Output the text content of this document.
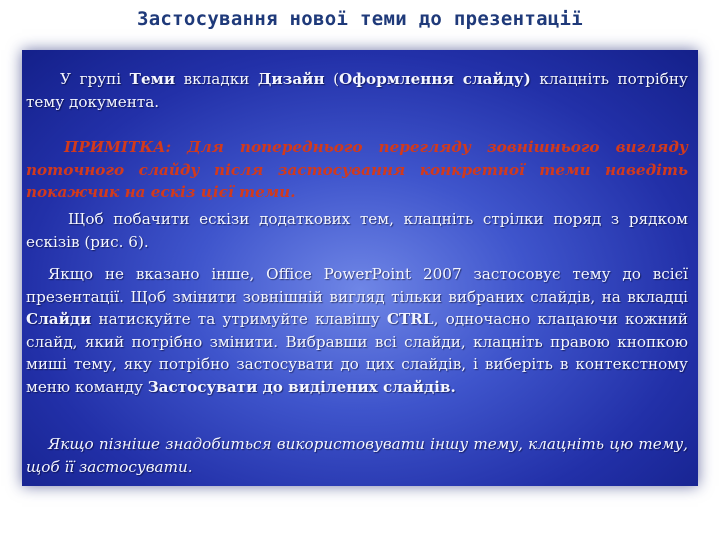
Застосування нової теми до презентації

У групі Теми вкладки Дизайн (Оформлення слайду) клацніть потрібну тему документа.

ПРИМІТКА: Для попереднього перегляду зовнішнього вигляду поточного слайду після застосування конкретної теми наведіть покажчик на ескіз цієї теми.

Щоб побачити ескізи додаткових тем, клацніть стрілки поряд з рядком ескізів (рис. 6).

Якщо не вказано інше, Office PowerPoint 2007 застосовує тему до всієї презентації. Щоб змінити зовнішній вигляд тільки вибраних слайдів, на вкладці Слайди натискуйте та утримуйте клавішу CTRL, одночасно клацаючи кожний слайд, який потрібно змінити. Вибравши всі слайди, клацніть правою кнопкою миші тему, яку потрібно застосувати до цих слайдів, і виберіть в контекстному меню команду Застосувати до виділених слайдів.

Якщо пізніше знадобиться використовувати іншу тему, клацніть цю тему, щоб її застосувати.
